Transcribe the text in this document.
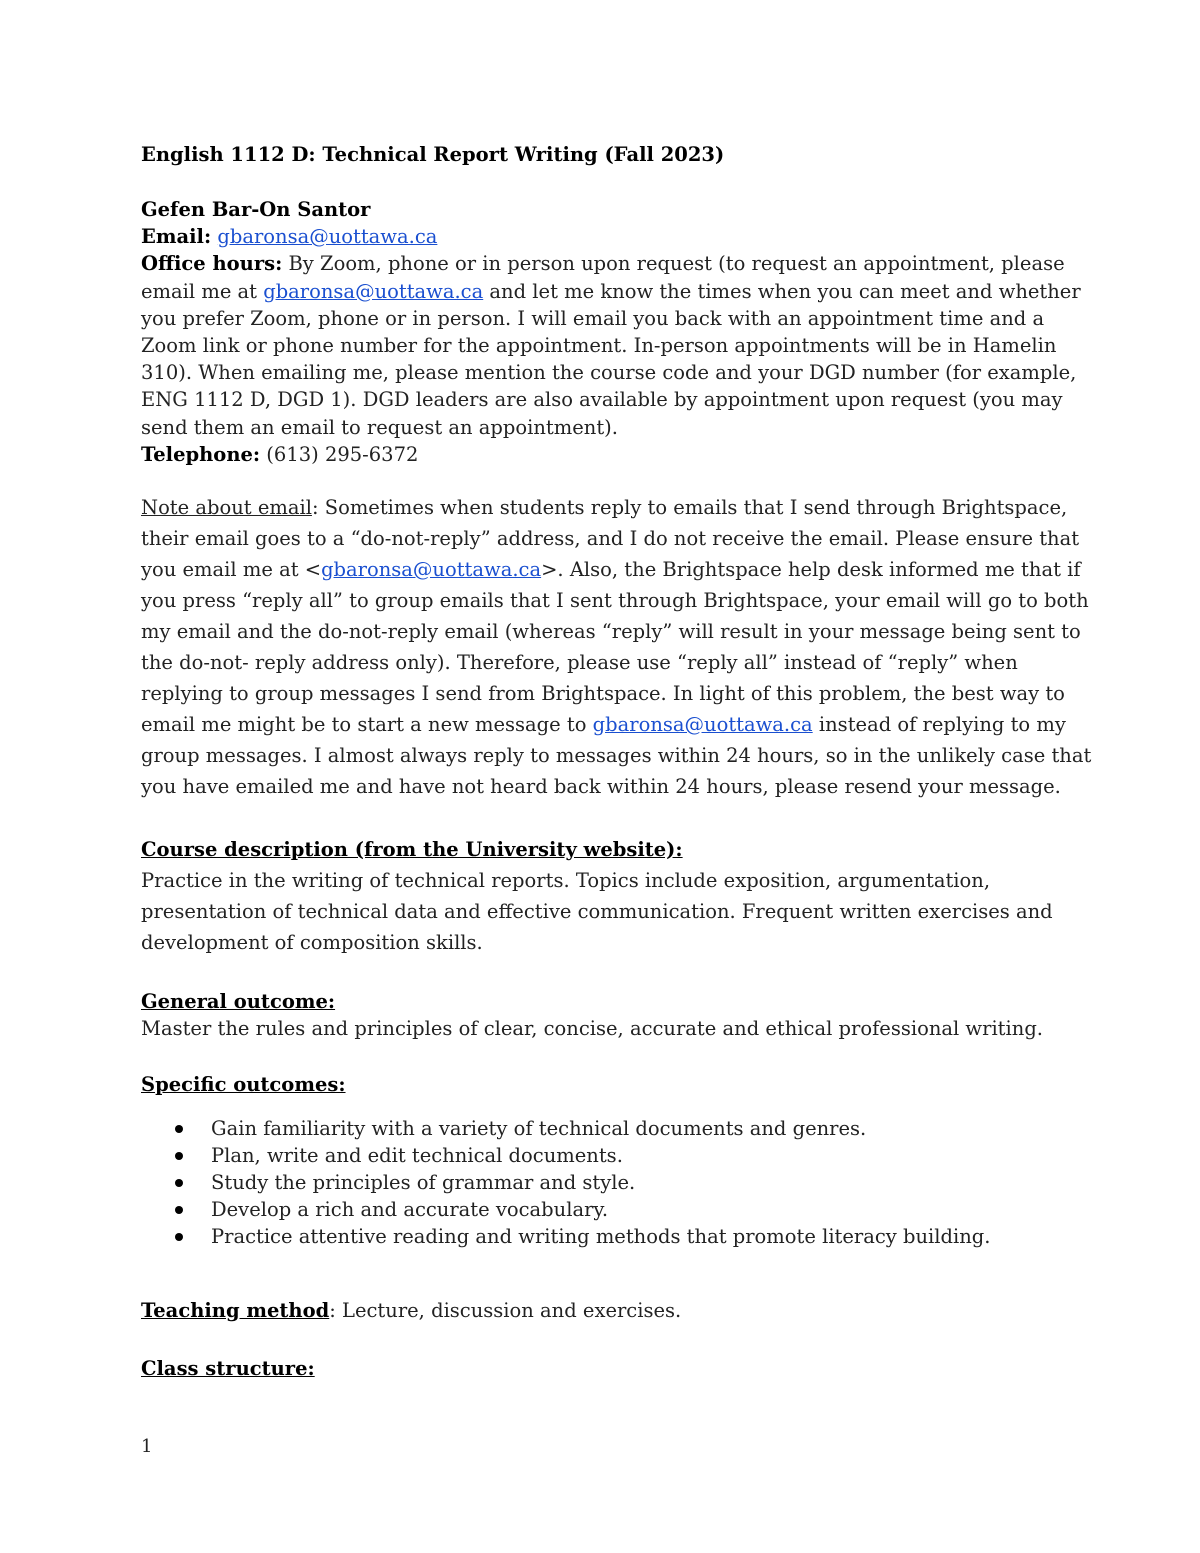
English 1112 D: Technical Report Writing (Fall 2023)
Gefen Bar-On Santor
Email: gbaronsa@uottawa.ca
Office hours: By Zoom, phone or in person upon request (to request an appointment, please
email me at gbaronsa@uottawa.ca and let me know the times when you can meet and whether
you prefer Zoom, phone or in person. I will email you back with an appointment time and a
Zoom link or phone number for the appointment. In-person appointments will be in Hamelin
310). When emailing me, please mention the course code and your DGD number (for example,
ENG 1112 D, DGD 1). DGD leaders are also available by appointment upon request (you may
send them an email to request an appointment).
Telephone: (613) 295-6372
Note about email: Sometimes when students reply to emails that I send through Brightspace,
their email goes to a “do-not-reply” address, and I do not receive the email. Please ensure that
you email me at <gbaronsa@uottawa.ca>. Also, the Brightspace help desk informed me that if
you press “reply all” to group emails that I sent through Brightspace, your email will go to both
my email and the do-not-reply email (whereas “reply” will result in your message being sent to
the do-not- reply address only). Therefore, please use “reply all” instead of “reply” when
replying to group messages I send from Brightspace. In light of this problem, the best way to
email me might be to start a new message to gbaronsa@uottawa.ca instead of replying to my
group messages. I almost always reply to messages within 24 hours, so in the unlikely case that
you have emailed me and have not heard back within 24 hours, please resend your message.
Course description (from the University website):
Practice in the writing of technical reports. Topics include exposition, argumentation,
presentation of technical data and effective communication. Frequent written exercises and
development of composition skills.
General outcome:
Master the rules and principles of clear, concise, accurate and ethical professional writing.
Specific outcomes:
Gain familiarity with a variety of technical documents and genres.
Plan, write and edit technical documents.
Study the principles of grammar and style.
Develop a rich and accurate vocabulary.
Practice attentive reading and writing methods that promote literacy building.
Teaching method: Lecture, discussion and exercises.
Class structure:
1
